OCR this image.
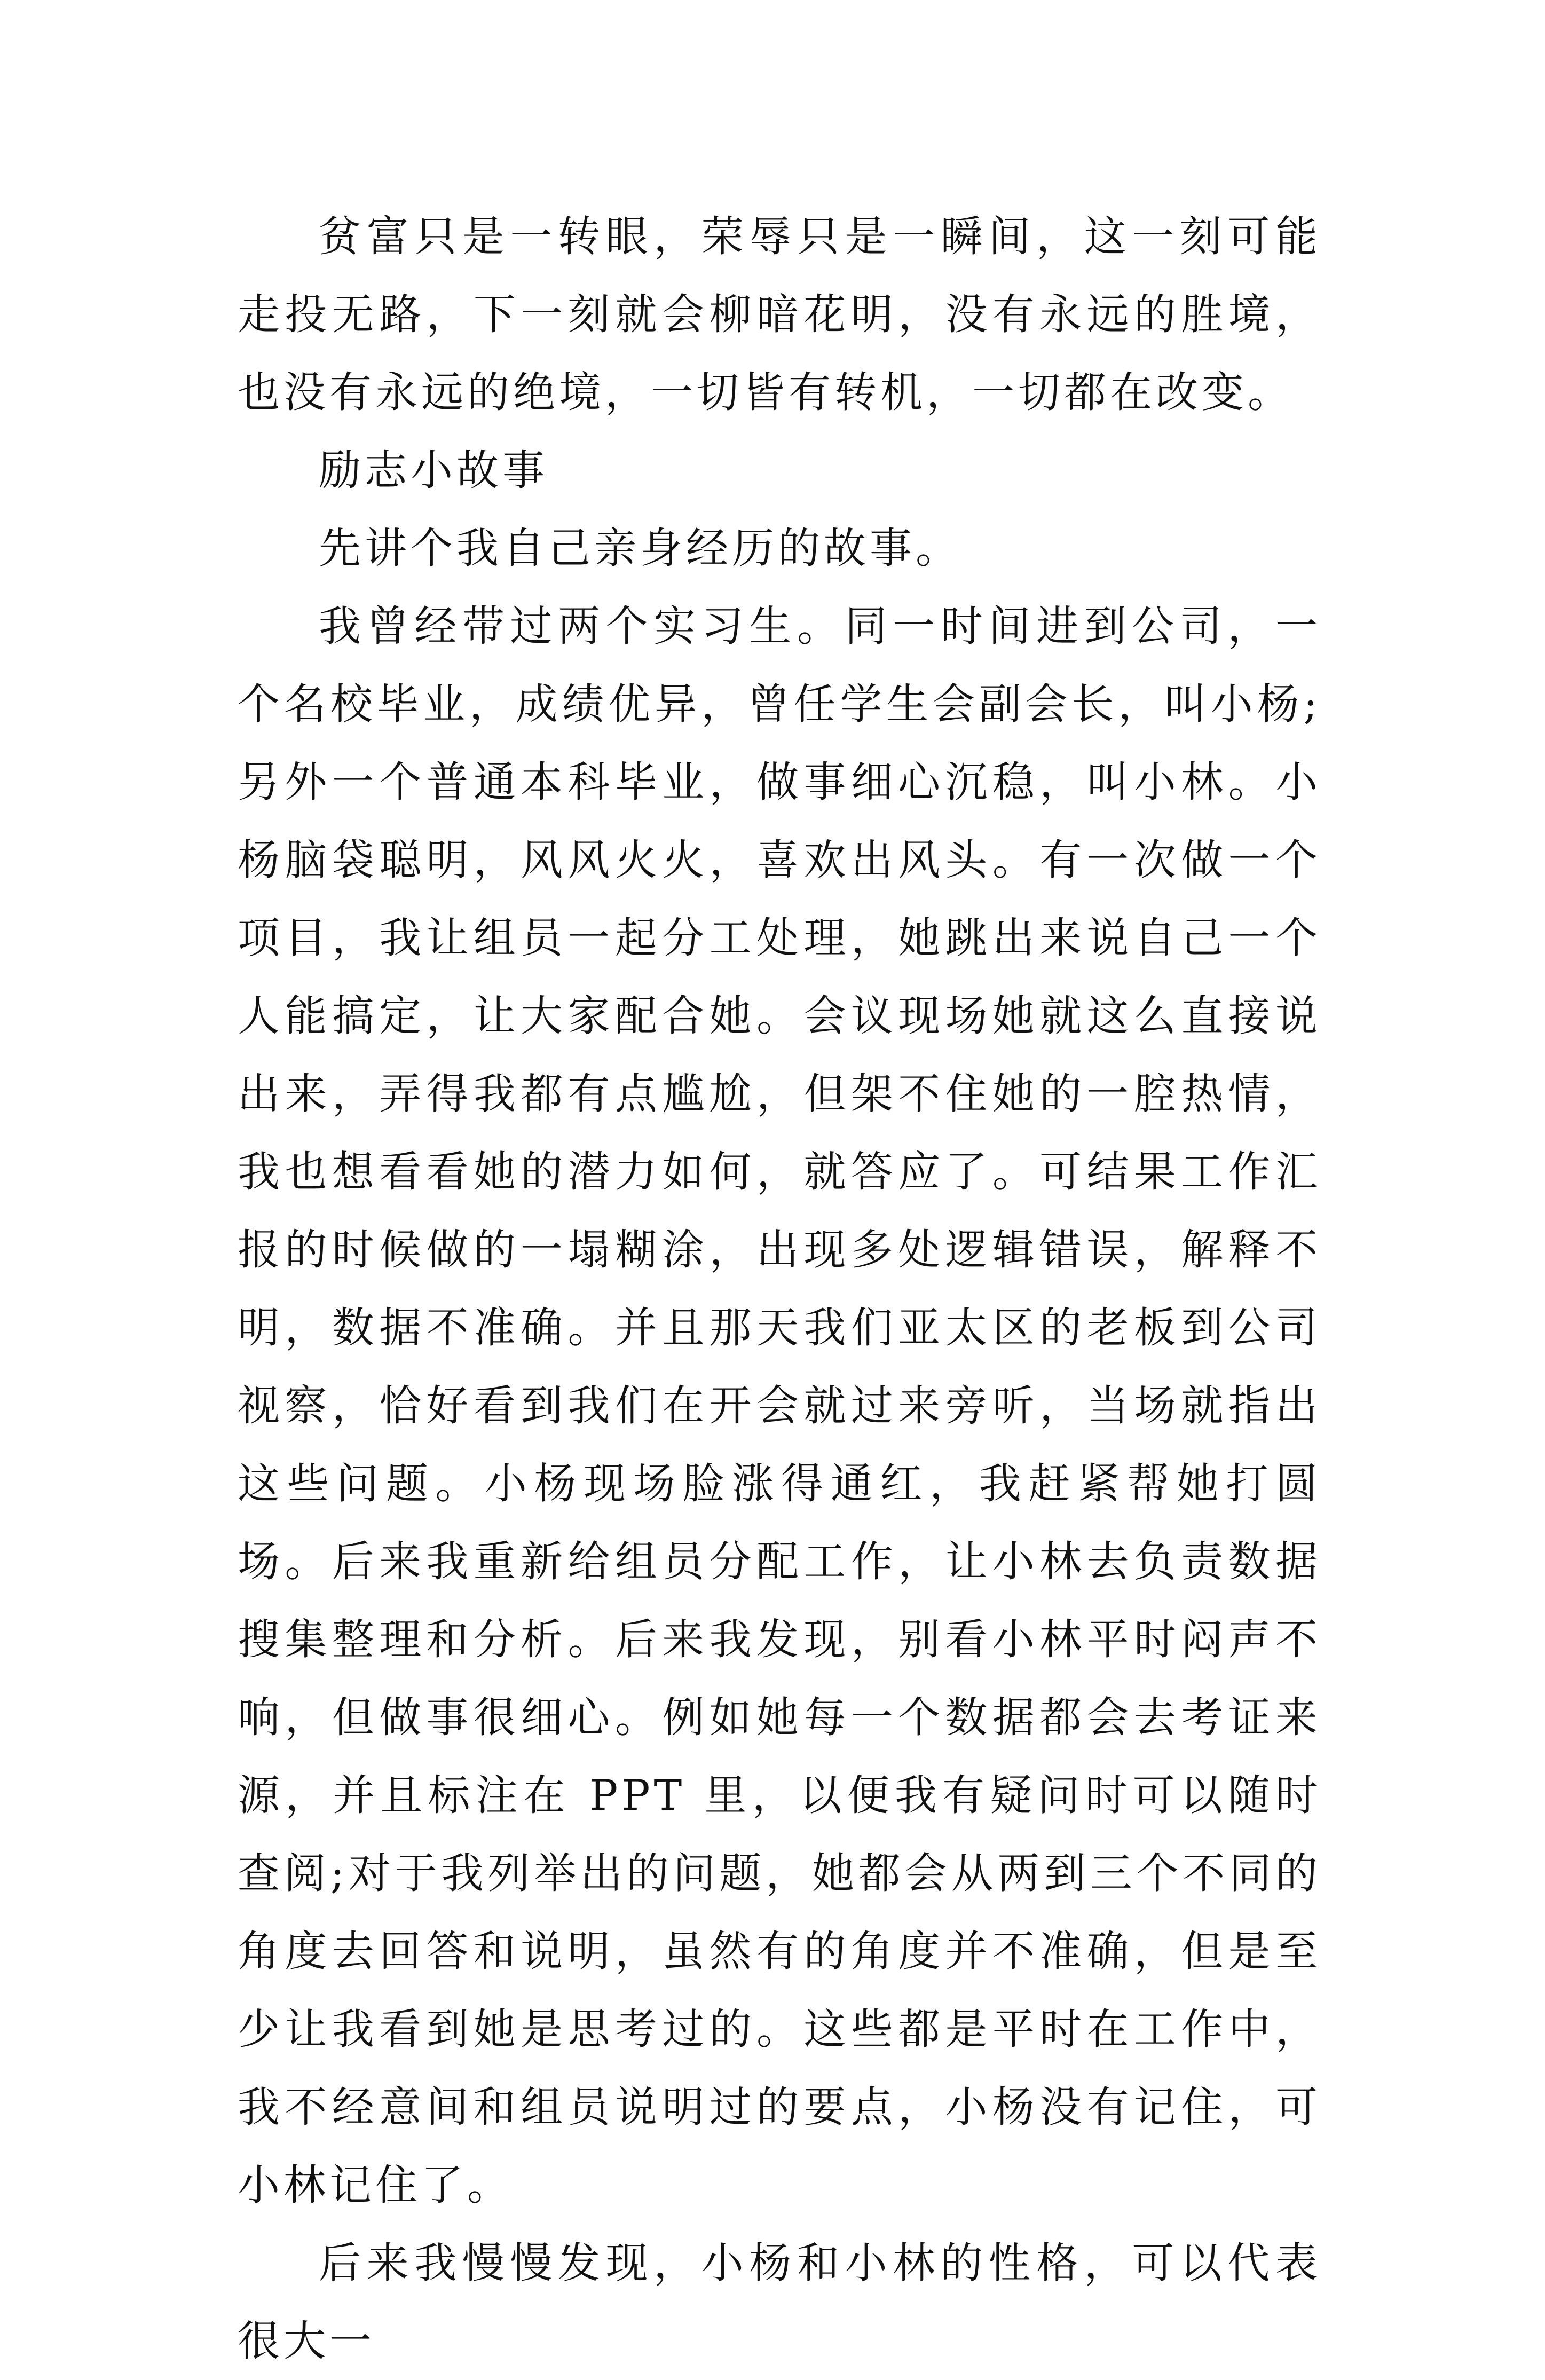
贫富只是一转眼，荣辱只是一瞬间，这一刻可能走投无路，下一刻就会柳暗花明，没有永远的胜境，也没有永远的绝境，一切皆有转机，一切都在改变。

励志小故事

先讲个我自己亲身经历的故事。

我曾经带过两个实习生。同一时间进到公司，一个名校毕业，成绩优异，曾任学生会副会长，叫小杨;另外一个普通本科毕业，做事细心沉稳，叫小林。小杨脑袋聪明，风风火火，喜欢出风头。有一次做一个项目，我让组员一起分工处理，她跳出来说自己一个人能搞定，让大家配合她。会议现场她就这么直接说出来，弄得我都有点尴尬，但架不住她的一腔热情，我也想看看她的潜力如何，就答应了。可结果工作汇报的时候做的一塌糊涂，出现多处逻辑错误，解释不明，数据不准确。并且那天我们亚太区的老板到公司视察，恰好看到我们在开会就过来旁听，当场就指出这些问题。小杨现场脸涨得通红，我赶紧帮她打圆场。后来我重新给组员分配工作，让小林去负责数据搜集整理和分析。后来我发现，别看小林平时闷声不响，但做事很细心。例如她每一个数据都会去考证来源，并且标注在 PPT 里，以便我有疑问时可以随时查阅;对于我列举出的问题，她都会从两到三个不同的角度去回答和说明，虽然有的角度并不准确，但是至少让我看到她是思考过的。这些都是平时在工作中，我不经意间和组员说明过的要点，小杨没有记住，可小林记住了。

后来我慢慢发现，小杨和小林的性格，可以代表很大一
